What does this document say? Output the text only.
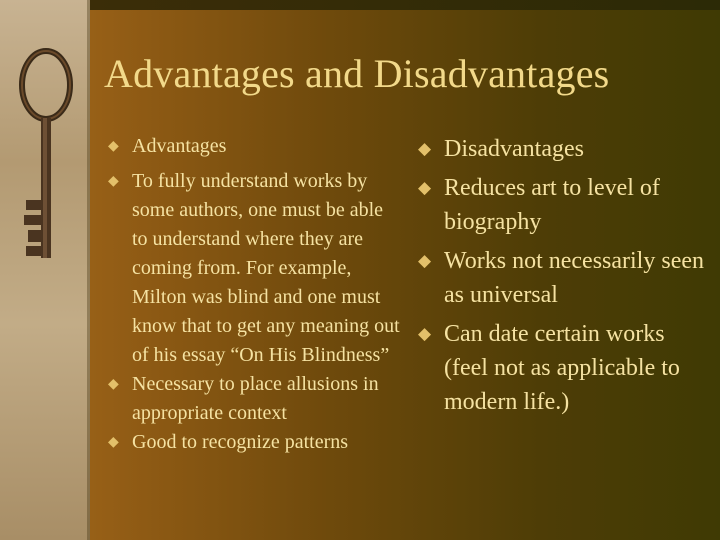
Advantages and Disadvantages
◆ Advantages
◆ To fully understand works by some authors, one must be able to understand where they are coming from. For example, Milton was blind and one must know that to get any meaning out of his essay “On His Blindness”
◆ Necessary to place allusions in appropriate context
◆ Good to recognize patterns
◆ Disadvantages
◆ Reduces art to level of biography
◆ Works not necessarily seen as universal
◆ Can date certain works (feel not as applicable to modern life.)
